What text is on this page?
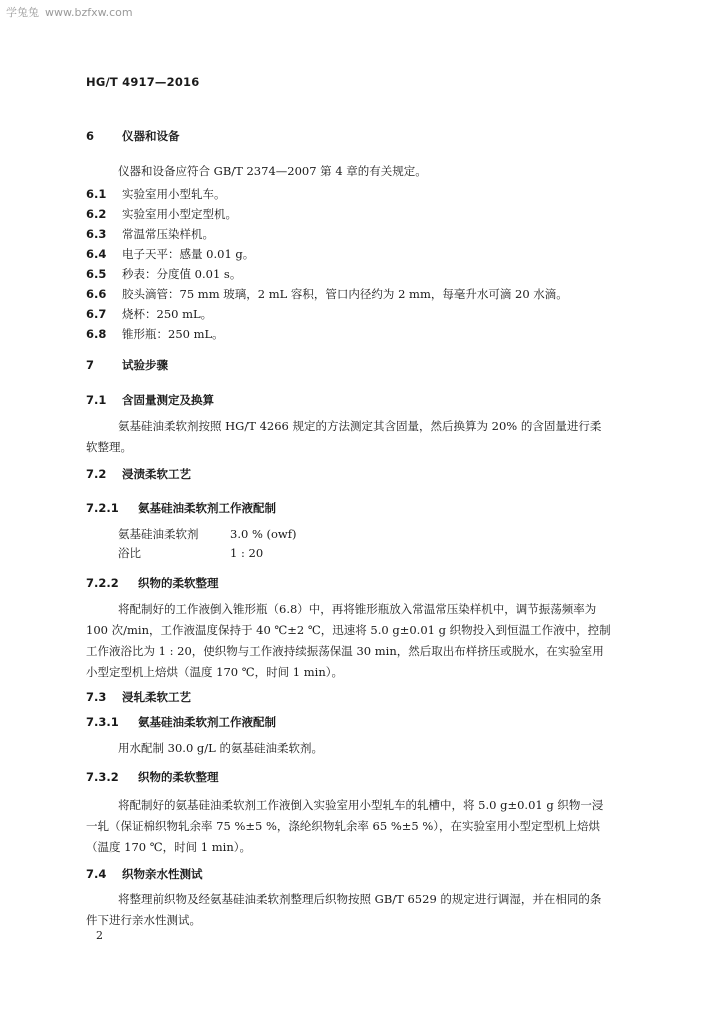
学兔兔 www.bzfxw.com
HG/T 4917—2016
6 仪器和设备
仪器和设备应符合 GB/T 2374—2007 第 4 章的有关规定。
6.1 实验室用小型轧车。
6.2 实验室用小型定型机。
6.3 常温常压染样机。
6.4 电子天平：感量 0.01 g。
6.5 秒表：分度值 0.01 s。
6.6 胶头滴管：75 mm 玻璃，2 mL 容积，管口内径约为 2 mm，每毫升水可滴 20 水滴。
6.7 烧杯：250 mL。
6.8 锥形瓶：250 mL。
7 试验步骤
7.1 含固量测定及换算
氨基硅油柔软剂按照 HG/T 4266 规定的方法测定其含固量，然后换算为 20% 的含固量进行柔
软整理。
7.2 浸渍柔软工艺
7.2.1 氨基硅油柔软剂工作液配制
氨基硅油柔软剂	3.0 % (owf)
浴比	1 : 20
7.2.2 织物的柔软整理
将配制好的工作液倒入锥形瓶（6.8）中，再将锥形瓶放入常温常压染样机中，调节振荡频率为
100 次/min，工作液温度保持于 40 ℃±2 ℃，迅速将 5.0 g±0.01 g 织物投入到恒温工作液中，控制
工作液浴比为 1 : 20，使织物与工作液持续振荡保温 30 min，然后取出布样挤压或脱水，在实验室用
小型定型机上焙烘（温度 170 ℃，时间 1 min）。
7.3 浸轧柔软工艺
7.3.1 氨基硅油柔软剂工作液配制
用水配制 30.0 g/L 的氨基硅油柔软剂。
7.3.2 织物的柔软整理
将配制好的氨基硅油柔软剂工作液倒入实验室用小型轧车的轧槽中，将 5.0 g±0.01 g 织物一浸
一轧（保证棉织物轧余率 75 %±5 %，涤纶织物轧余率 65 %±5 %），在实验室用小型定型机上焙烘
（温度 170 ℃，时间 1 min）。
7.4 织物亲水性测试
将整理前织物及经氨基硅油柔软剂整理后织物按照 GB/T 6529 的规定进行调湿，并在相同的条
件下进行亲水性测试。
2
